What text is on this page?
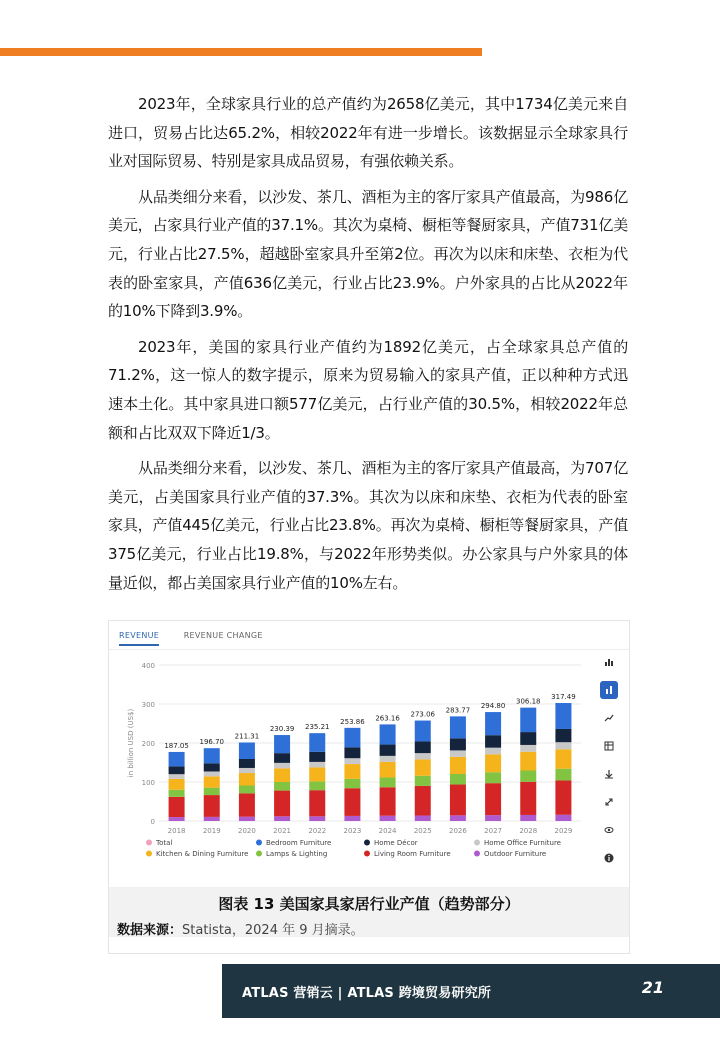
2023年，全球家具行业的总产值约为2658亿美元，其中1734亿美元来自进口，贸易占比达65.2%，相较2022年有进一步增长。该数据显示全球家具行业对国际贸易、特别是家具成品贸易，有强依赖关系。

从品类细分来看，以沙发、茶几、酒柜为主的客厅家具产值最高，为986亿美元，占家具行业产值的37.1%。其次为桌椅、橱柜等餐厨家具，产值731亿美元，行业占比27.5%，超越卧室家具升至第2位。再次为以床和床垫、衣柜为代表的卧室家具，产值636亿美元，行业占比23.9%。户外家具的占比从2022年的10%下降到3.9%。

2023年，美国的家具行业产值约为1892亿美元，占全球家具总产值的71.2%，这一惊人的数字提示，原来为贸易输入的家具产值，正以种种方式迅速本土化。其中家具进口额577亿美元，占行业产值的30.5%，相较2022年总额和占比双双下降近1/3。

从品类细分来看，以沙发、茶几、酒柜为主的客厅家具产值最高，为707亿美元，占美国家具行业产值的37.3%。其次为以床和床垫、衣柜为代表的卧室家具，产值445亿美元，行业占比23.8%。再次为桌椅、橱柜等餐厨家具，产值375亿美元，行业占比19.8%，与2022年形势类似。办公家具与户外家具的体量近似，都占美国家具行业产值的10%左右。

REVENUE	REVENUE CHANGE
0
100
200
300
400
in billion USD (US$)	187.05
2018
196.70
2019
211.31
2020
230.39
2021
235.21
2022
253.86
2023
263.16
2024
273.06
2025
283.77
2026
294.80
2027
306.18
2028
317.49
2029
Total	Bedroom Furniture	Home Décor	Home Office Furniture
Kitchen & Dining Furniture	Lamps & Lighting	Living Room Furniture	Outdoor Furniture
图表 13 美国家具家居行业产值（趋势部分）
数据来源：Statista，2024 年 9 月摘录。
ATLAS 营销云 | ATLAS 跨境贸易研究所	21
